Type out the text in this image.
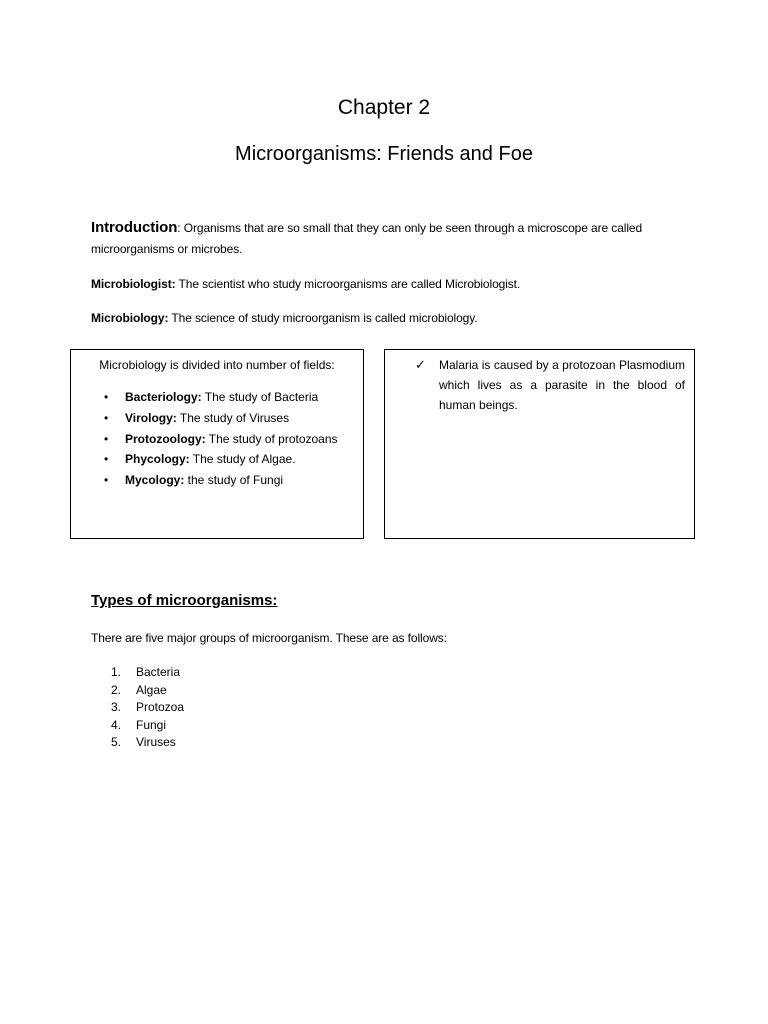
Chapter 2
Microorganisms: Friends and Foe
Introduction: Organisms that are so small that they can only be seen through a microscope are called microorganisms or microbes.
Microbiologist: The scientist who study microorganisms are called Microbiologist.
Microbiology: The science of study microorganism is called microbiology.
Microbiology is divided into number of fields:
• Bacteriology: The study of Bacteria
• Virology: The study of Viruses
• Protozoology: The study of protozoans
• Phycology: The study of Algae.
• Mycology: the study of Fungi
✓ Malaria is caused by a protozoan Plasmodium which lives as a parasite in the blood of human beings.
Types of microorganisms:
There are five major groups of microorganism. These are as follows:
1. Bacteria
2. Algae
3. Protozoa
4. Fungi
5. Viruses
